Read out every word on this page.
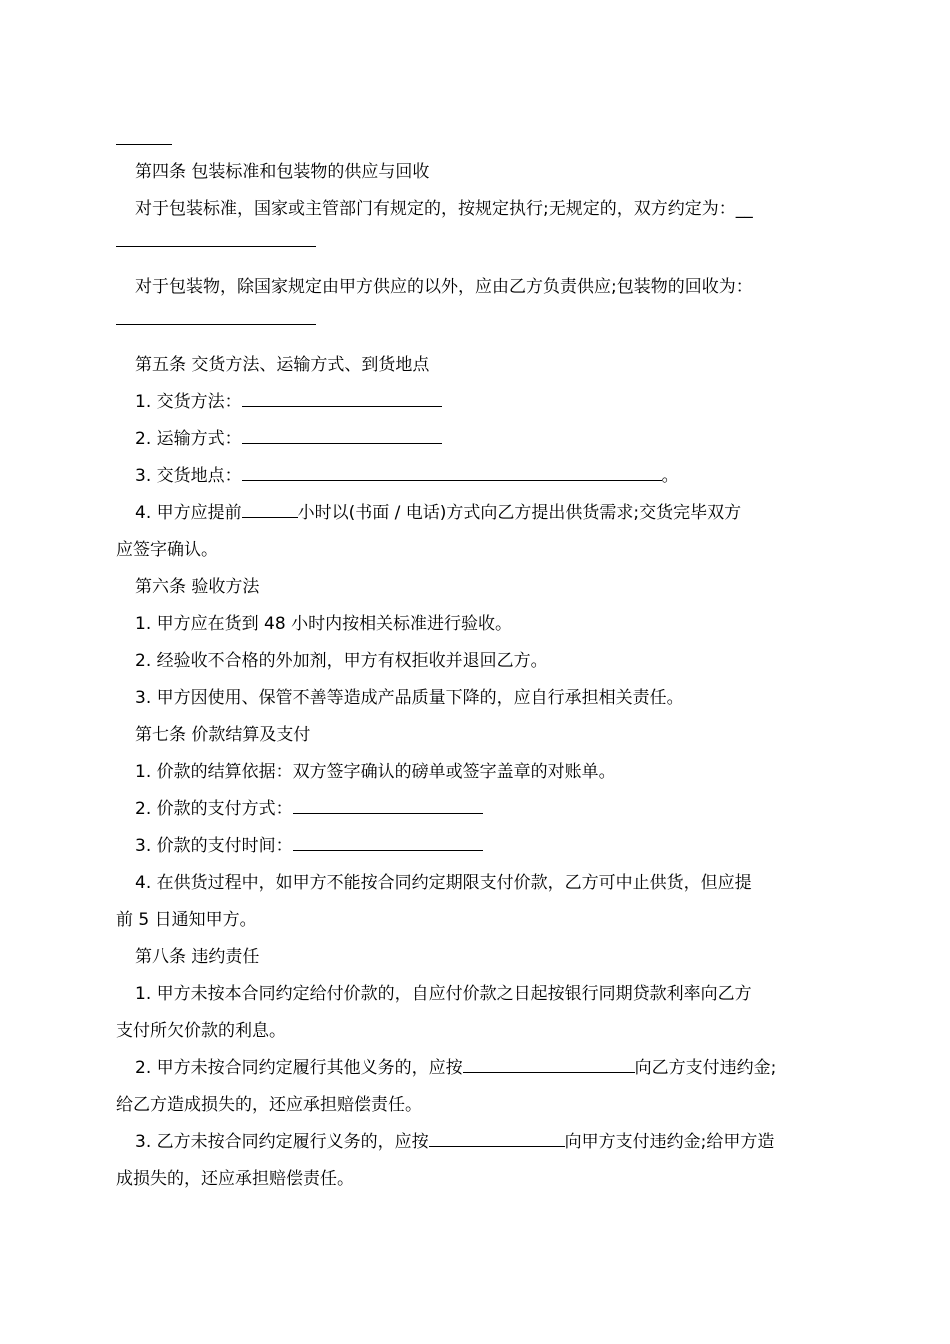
第四条 包装标准和包装物的供应与回收
对于包装标准，国家或主管部门有规定的，按规定执行;无规定的，双方约定为：__
对于包装物，除国家规定由甲方供应的以外，应由乙方负责供应;包装物的回收为：
第五条 交货方法、运输方式、到货地点
1. 交货方法：
2. 运输方式：
3. 交货地点：	。
4. 甲方应提前	小时以(书面 / 电话)方式向乙方提出供货需求;交货完毕双方
应签字确认。
第六条 验收方法
1. 甲方应在货到 48 小时内按相关标准进行验收。
2. 经验收不合格的外加剂，甲方有权拒收并退回乙方。
3. 甲方因使用、保管不善等造成产品质量下降的，应自行承担相关责任。
第七条 价款结算及支付
1. 价款的结算依据：双方签字确认的磅单或签字盖章的对账单。
2. 价款的支付方式：
3. 价款的支付时间：
4. 在供货过程中，如甲方不能按合同约定期限支付价款，乙方可中止供货，但应提
前 5 日通知甲方。
第八条 违约责任
1. 甲方未按本合同约定给付价款的，自应付价款之日起按银行同期贷款利率向乙方
支付所欠价款的利息。
2. 甲方未按合同约定履行其他义务的，应按	向乙方支付违约金;
给乙方造成损失的，还应承担赔偿责任。
3. 乙方未按合同约定履行义务的，应按	向甲方支付违约金;给甲方造
成损失的，还应承担赔偿责任。
